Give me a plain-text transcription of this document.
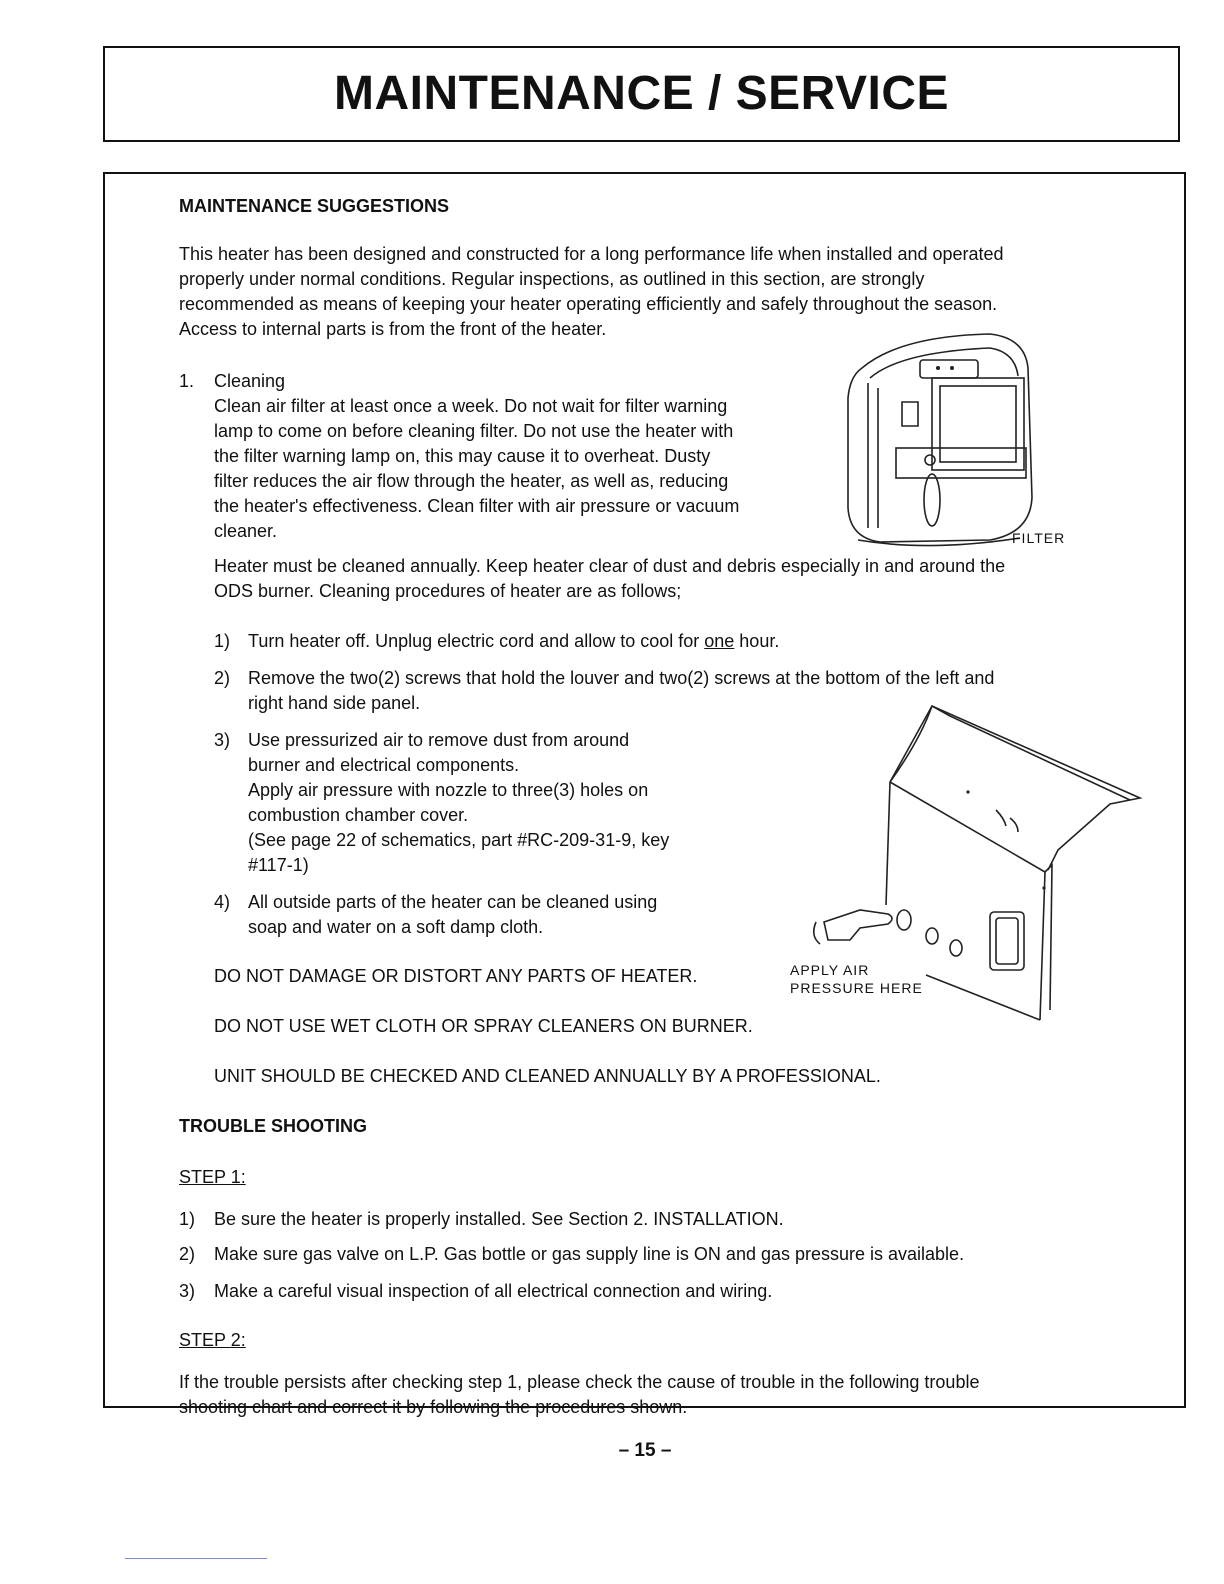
MAINTENANCE / SERVICE
MAINTENANCE SUGGESTIONS
This heater has been designed and constructed for a long performance life when installed and operated
properly under normal conditions. Regular inspections, as outlined in this section, are strongly
recommended as means of keeping your heater operating efficiently and safely throughout the season.
Access to internal parts is from the front of the heater.
1. Cleaning
Clean air filter at least once a week. Do not wait for filter warning
lamp to come on before cleaning filter. Do not use the heater with
the filter warning lamp on, this may cause it to overheat. Dusty
filter reduces the air flow through the heater, as well as, reducing
the heater's effectiveness. Clean filter with air pressure or vacuum
cleaner.	FILTER
Heater must be cleaned annually. Keep heater clear of dust and debris especially in and around the
ODS burner. Cleaning procedures of heater are as follows;
1) Turn heater off. Unplug electric cord and allow to cool for one hour.
2) Remove the two(2) screws that hold the louver and two(2) screws at the bottom of the left and
right hand side panel.
3) Use pressurized air to remove dust from around
burner and electrical components.
Apply air pressure with nozzle to three(3) holes on
combustion chamber cover.
(See page 22 of schematics, part #RC-209-31-9, key
#117-1)
4) All outside parts of the heater can be cleaned using
soap and water on a soft damp cloth.
APPLY AIR
PRESSURE HERE
DO NOT DAMAGE OR DISTORT ANY PARTS OF HEATER.
DO NOT USE WET CLOTH OR SPRAY CLEANERS ON BURNER.
UNIT SHOULD BE CHECKED AND CLEANED ANNUALLY BY A PROFESSIONAL.
TROUBLE SHOOTING
STEP 1:
1) Be sure the heater is properly installed. See Section 2. INSTALLATION.
2) Make sure gas valve on L.P. Gas bottle or gas supply line is ON and gas pressure is available.
3) Make a careful visual inspection of all electrical connection and wiring.
STEP 2:
If the trouble persists after checking step 1, please check the cause of trouble in the following trouble
shooting chart and correct it by following the procedures shown.
– 15 –
